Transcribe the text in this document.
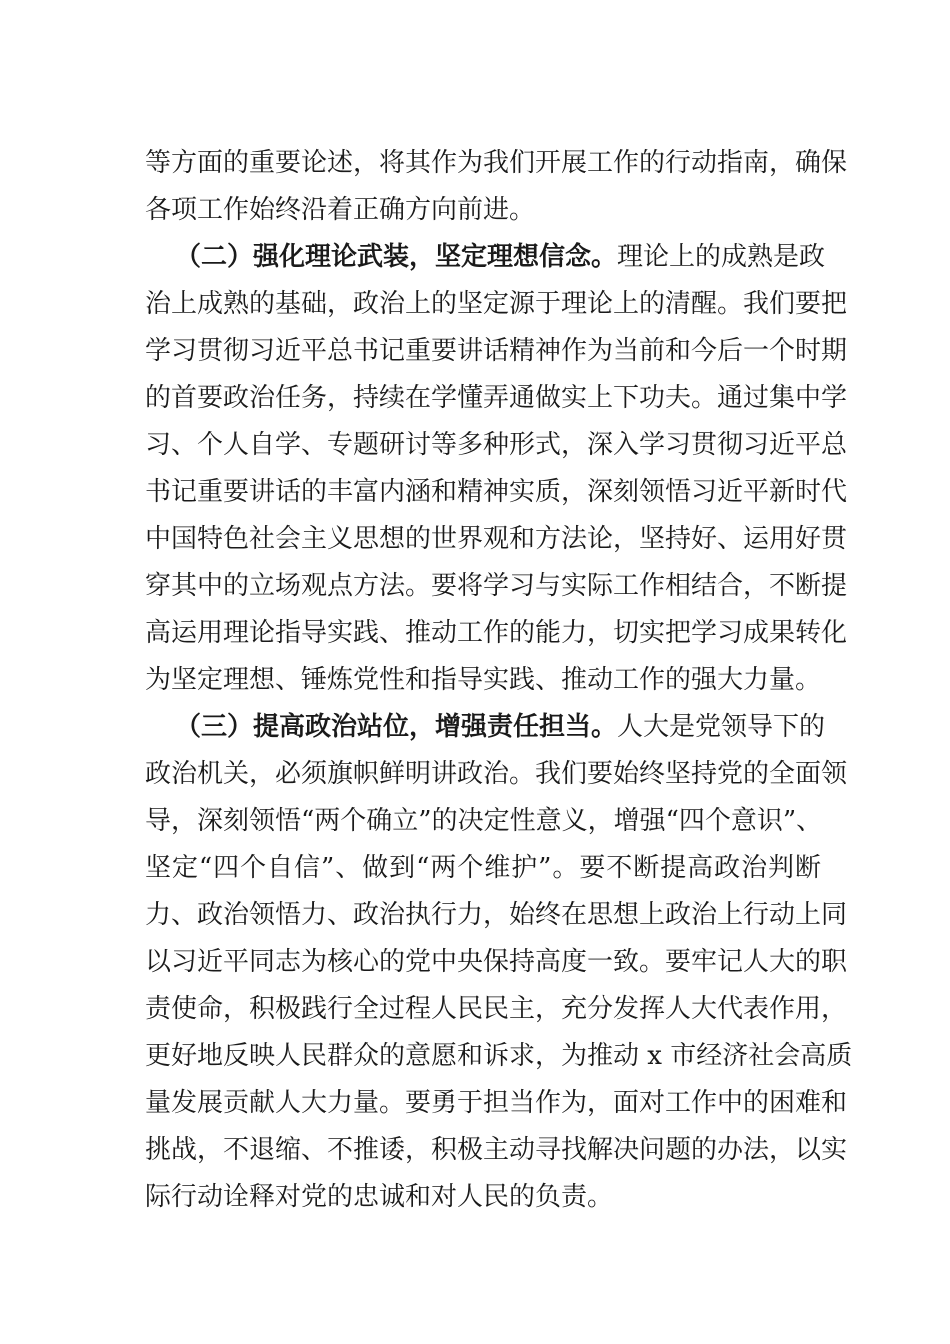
等方面的重要论述，将其作为我们开展工作的行动指南，确保
各项工作始终沿着正确方向前进。
（二）强化理论武装，坚定理想信念。理论上的成熟是政
治上成熟的基础，政治上的坚定源于理论上的清醒。我们要把
学习贯彻习近平总书记重要讲话精神作为当前和今后一个时期
的首要政治任务，持续在学懂弄通做实上下功夫。通过集中学
习、个人自学、专题研讨等多种形式，深入学习贯彻习近平总
书记重要讲话的丰富内涵和精神实质，深刻领悟习近平新时代
中国特色社会主义思想的世界观和方法论，坚持好、运用好贯
穿其中的立场观点方法。要将学习与实际工作相结合，不断提
高运用理论指导实践、推动工作的能力，切实把学习成果转化
为坚定理想、锤炼党性和指导实践、推动工作的强大力量。
（三）提高政治站位，增强责任担当。人大是党领导下的
政治机关，必须旗帜鲜明讲政治。我们要始终坚持党的全面领
导，深刻领悟“两个确立”的决定性意义，增强“四个意识”、
坚定“四个自信”、做到“两个维护”。要不断提高政治判断
力、政治领悟力、政治执行力，始终在思想上政治上行动上同
以习近平同志为核心的党中央保持高度一致。要牢记人大的职
责使命，积极践行全过程人民民主，充分发挥人大代表作用，
更好地反映人民群众的意愿和诉求，为推动 x 市经济社会高质
量发展贡献人大力量。要勇于担当作为，面对工作中的困难和
挑战，不退缩、不推诿，积极主动寻找解决问题的办法，以实
际行动诠释对党的忠诚和对人民的负责。
